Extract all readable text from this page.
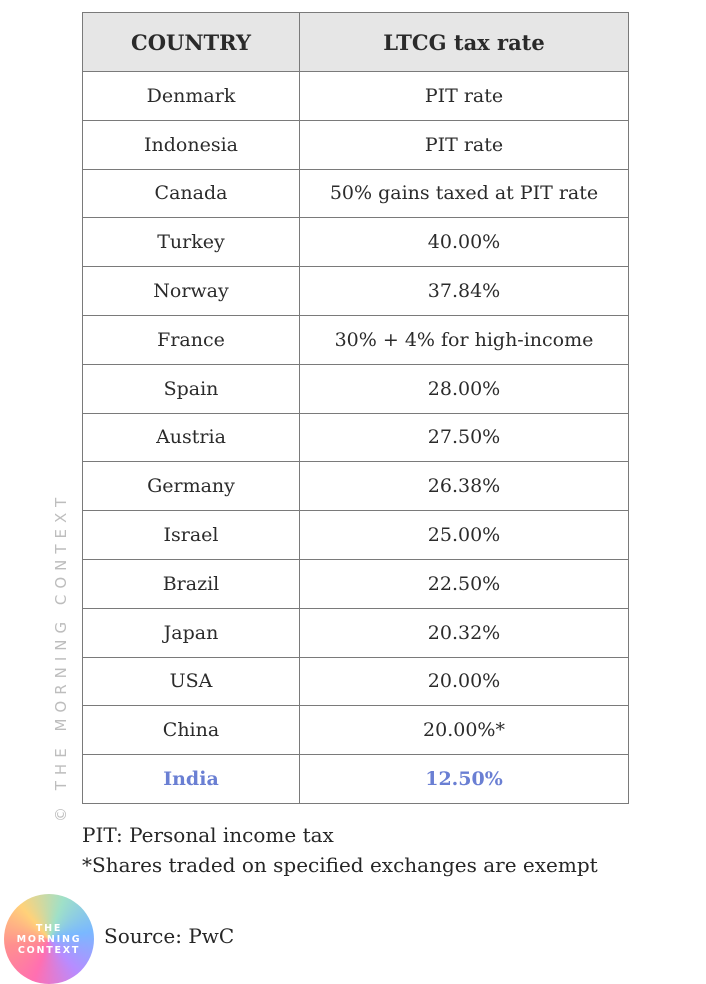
© THE MORNING CONTEXT
COUNTRY	LTCG tax rate
Denmark	PIT rate
Indonesia	PIT rate
Canada	50% gains taxed at PIT rate
Turkey	40.00%
Norway	37.84%
France	30% + 4% for high-income
Spain	28.00%
Austria	27.50%
Germany	26.38%
Israel	25.00%
Brazil	22.50%
Japan	20.32%
USA	20.00%
China	20.00%*
India	12.50%
PIT: Personal income tax
*Shares traded on specified exchanges are exempt
THE
MORNING
CONTEXT
Source: PwC
